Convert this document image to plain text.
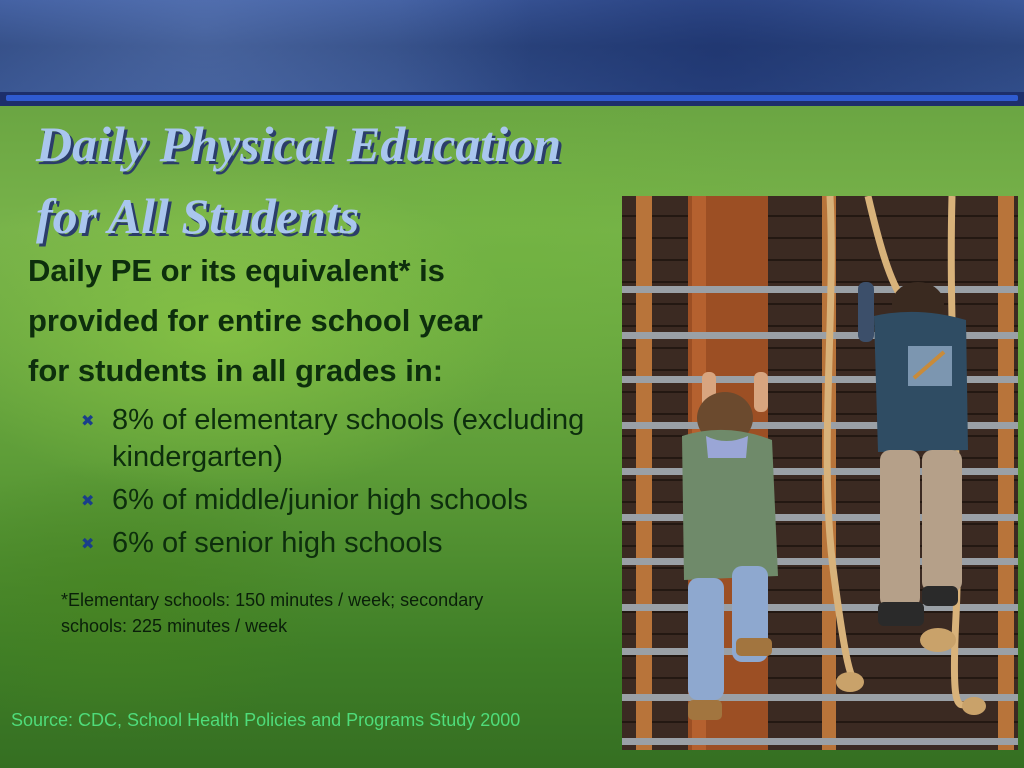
Daily Physical Education
for All Students

Daily PE or its equivalent* is

provided for entire school year

for students in all grades in:

✖ 8% of elementary schools (excluding kindergarten)
✖ 6% of middle/junior high schools
✖ 6% of senior high schools
*Elementary schools: 150 minutes / week; secondary schools: 225 minutes / week
Source: CDC, School Health Policies and Programs Study 2000
